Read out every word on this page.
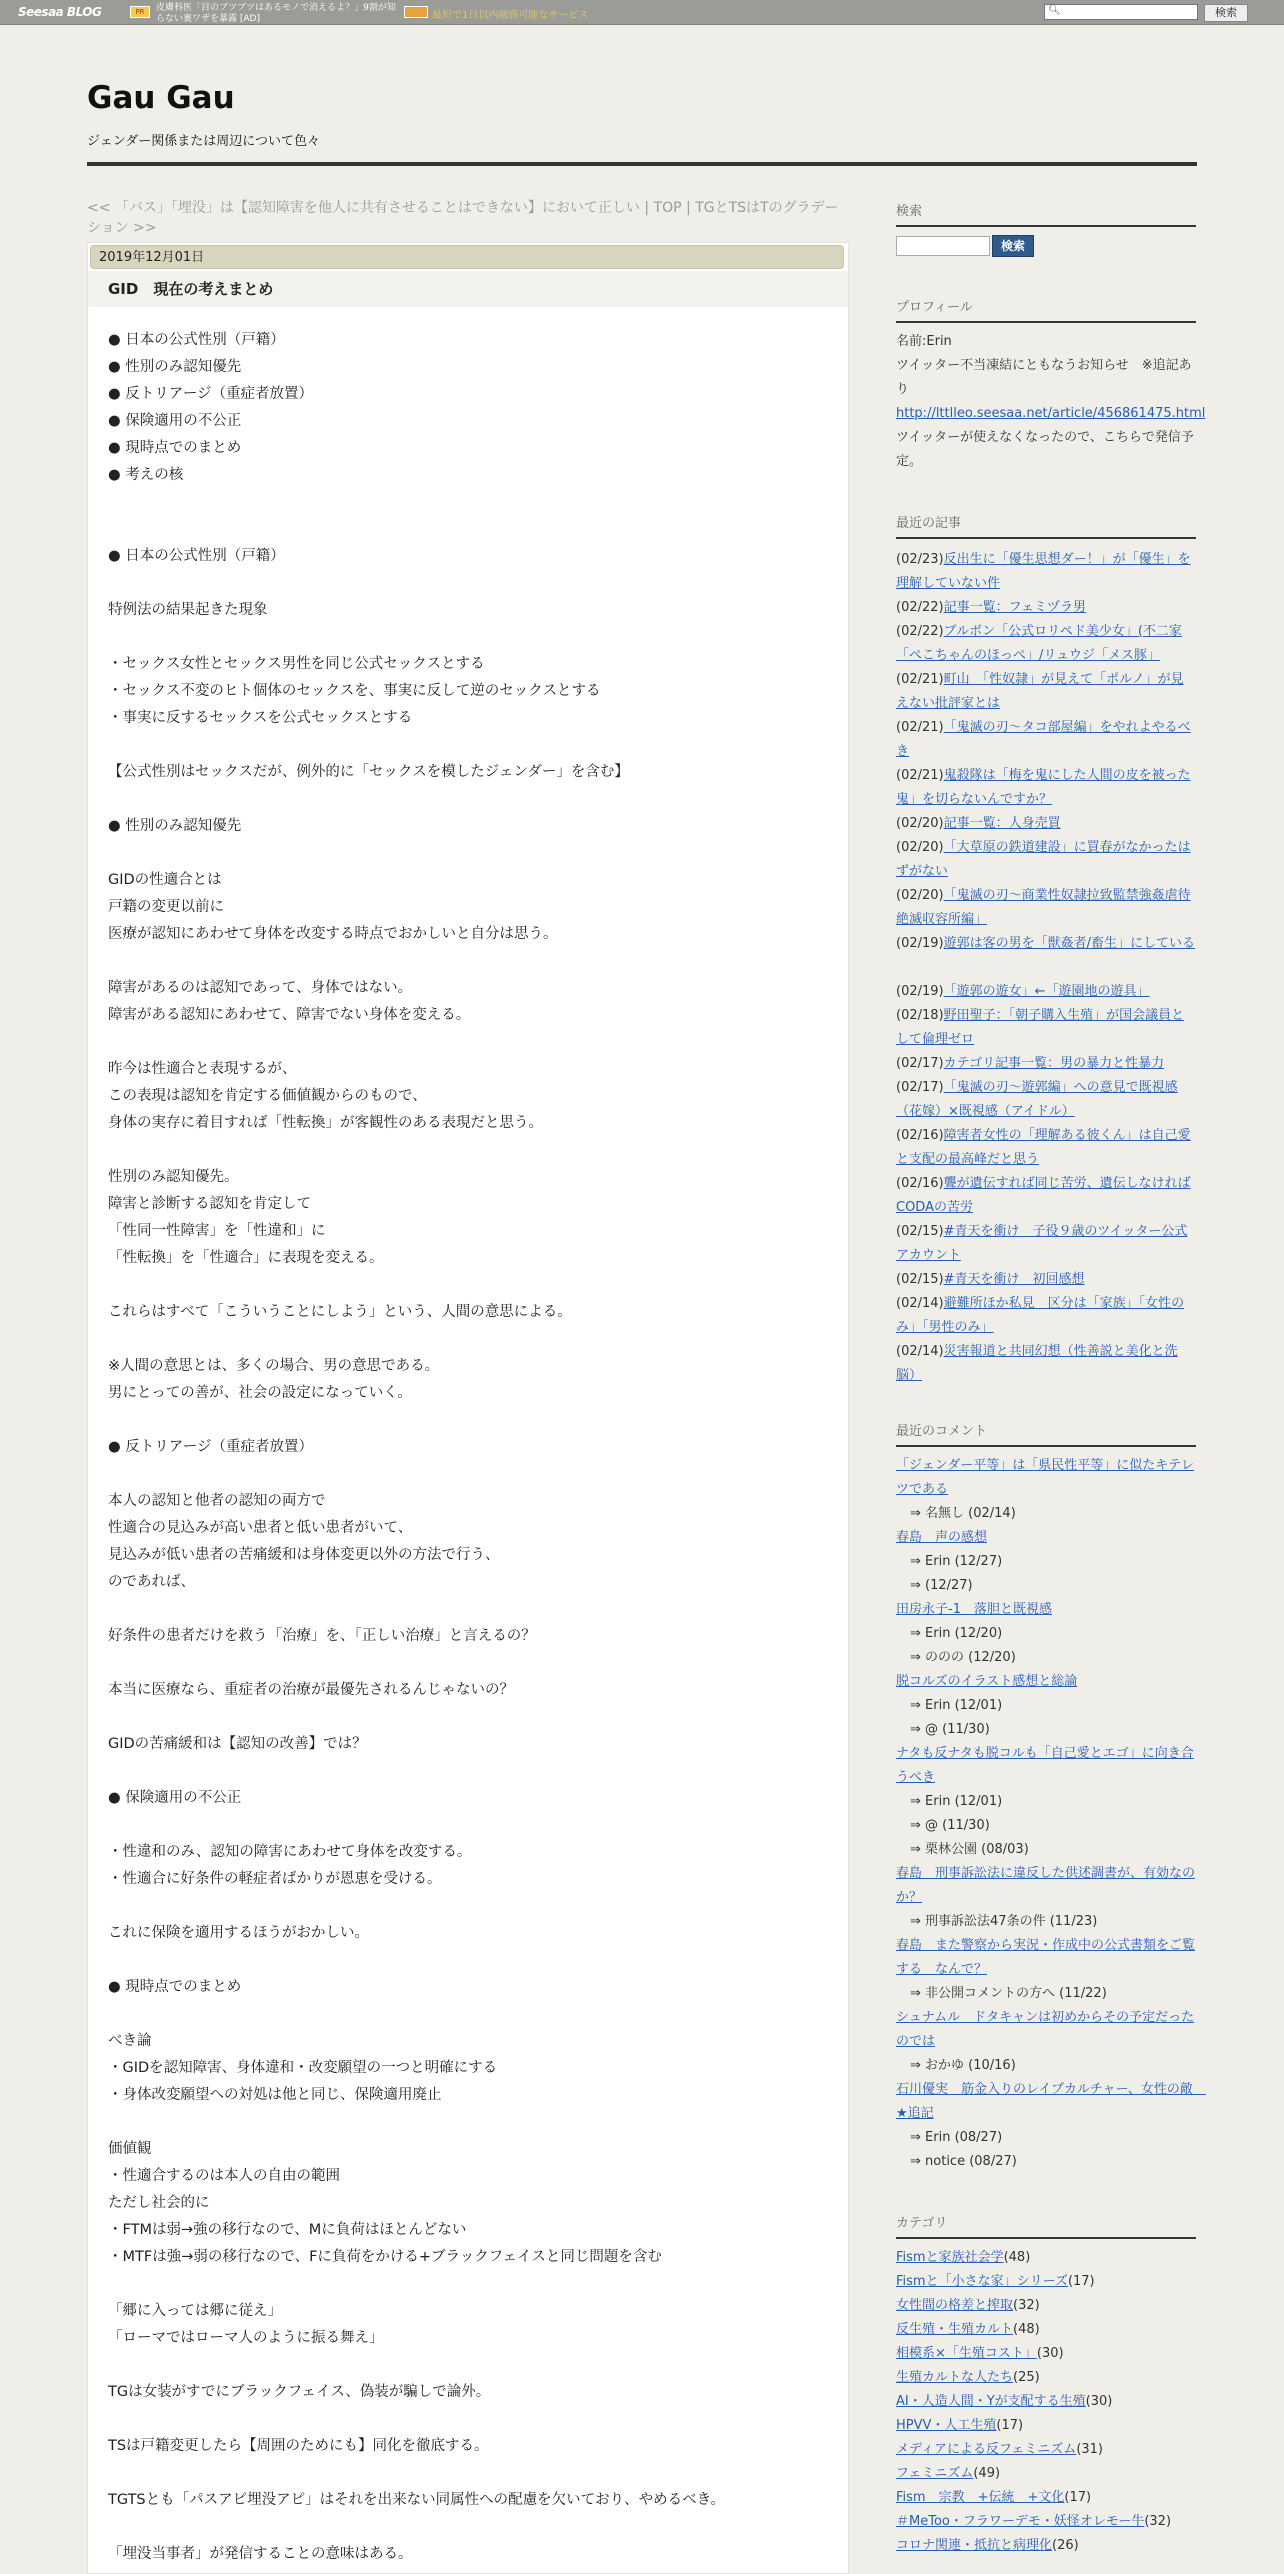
Seesaa BLOG	PR	皮膚科医「目のブツブツはあるモノで消えるよ？」9割が知らない裏ワザを暴露 [AD]	最短で1日以内融資可能なサービス	🔍︎	検索
Gau Gau
ジェンダー関係または周辺について色々
<< 「バス」「埋没」は【認知障害を他人に共有させることはできない】において正しい | TOP | TGとTSはTのグラデーション >>
2019年12月01日
GID　現在の考えまとめ
● 日本の公式性別（戸籍）
● 性別のみ認知優先
● 反トリアージ（重症者放置）
● 保険適用の不公正
● 現時点でのまとめ
● 考えの核
● 日本の公式性別（戸籍）
特例法の結果起きた現象
・セックス女性とセックス男性を同じ公式セックスとする
・セックス不変のヒト個体のセックスを、事実に反して逆のセックスとする
・事実に反するセックスを公式セックスとする
【公式性別はセックスだが、例外的に「セックスを模したジェンダー」を含む】
● 性別のみ認知優先
GIDの性適合とは
戸籍の変更以前に
医療が認知にあわせて身体を改変する時点でおかしいと自分は思う。
障害があるのは認知であって、身体ではない。
障害がある認知にあわせて、障害でない身体を変える。
昨今は性適合と表現するが、
この表現は認知を肯定する価値観からのもので、
身体の実存に着目すれば「性転換」が客観性のある表現だと思う。
性別のみ認知優先。
障害と診断する認知を肯定して
「性同一性障害」を「性違和」に
「性転換」を「性適合」に表現を変える。
これらはすべて「こういうことにしよう」という、人間の意思による。
※人間の意思とは、多くの場合、男の意思である。
男にとっての善が、社会の設定になっていく。
● 反トリアージ（重症者放置）
本人の認知と他者の認知の両方で
性適合の見込みが高い患者と低い患者がいて、
見込みが低い患者の苦痛緩和は身体変更以外の方法で行う、
のであれば、
好条件の患者だけを救う「治療」を、「正しい治療」と言えるの？
本当に医療なら、重症者の治療が最優先されるんじゃないの？
GIDの苦痛緩和は【認知の改善】では？
● 保険適用の不公正
・性違和のみ、認知の障害にあわせて身体を改変する。
・性適合に好条件の軽症者ばかりが恩恵を受ける。
これに保険を適用するほうがおかしい。
● 現時点でのまとめ
べき論
・GIDを認知障害、身体違和・改変願望の一つと明確にする
・身体改変願望への対処は他と同じ、保険適用廃止
価値観
・性適合するのは本人の自由の範囲
ただし社会的に
・FTMは弱→強の移行なので、Mに負荷はほとんどない
・MTFは強→弱の移行なので、Fに負荷をかける+ブラックフェイスと同じ問題を含む
「郷に入っては郷に従え」
「ローマではローマ人のように振る舞え」
TGは女装がすでにブラックフェイス、偽装が騙しで論外。
TSは戸籍変更したら【周囲のためにも】同化を徹底する。
TGTSとも「パスアピ埋没アピ」はそれを出来ない同属性への配慮を欠いており、やめるべき。
「埋没当事者」が発信することの意味はある。
検索
検索
プロフィール
名前:Erin
ツイッター不当凍結にともなうお知らせ　※追記あり
http://lttlleo.seesaa.net/article/456861475.html
ツイッターが使えなくなったので、こちらで発信予定。
最近の記事
(02/23)反出生に「優生思想ダー！」が「優生」を理解していない件
(02/22)記事一覧：フェミヅラ男
(02/22)ブルボン「公式ロリペド美少女」(不二家「ぺこちゃんのほっぺ」/リュウジ「メス豚」
(02/21)町山　「性奴隷」が見えて「ポルノ」が見えない批評家とは
(02/21)「鬼滅の刃～タコ部屋編」をやれよやるべき
(02/21)鬼殺隊は「梅を鬼にした人間の皮を被った鬼」を切らないんですか？
(02/20)記事一覧：人身売買
(02/20)「大草原の鉄道建設」に買春がなかったはずがない
(02/20)「鬼滅の刃～商業性奴隷拉致監禁強姦虐待絶滅収容所編」
(02/19)遊郭は客の男を「獣姦者/畜生」にしている
(02/19)「遊郭の遊女」←「遊園地の遊具」
(02/18)野田聖子：「朝子購入生殖」が国会議員として倫理ゼロ
(02/17)カテゴリ記事一覧：男の暴力と性暴力
(02/17)「鬼滅の刃～遊郭編」への意見で既視感（花嫁）×既視感（アイドル）
(02/16)障害者女性の「理解ある彼くん」は自己愛と支配の最高峰だと思う
(02/16)聾が遺伝すれば同じ苦労、遺伝しなければCODAの苦労
(02/15)#青天を衝け　子役９歳のツイッター公式アカウント
(02/15)#青天を衝け　初回感想
(02/14)避難所ほか私見　区分は「家族」「女性のみ」「男性のみ」
(02/14)災害報道と共同幻想（性善説と美化と洗脳）
最近のコメント
「ジェンダー平等」は「県民性平等」に似たキテレツである
⇒ 名無し (02/14)
春島　声の感想
⇒ Erin (12/27)
⇒ (12/27)
田房永子-1　落胆と既視感
⇒ Erin (12/20)
⇒ ののの (12/20)
脱コルズのイラスト感想と総論
⇒ Erin (12/01)
⇒ @ (11/30)
ナタも反ナタも脱コルも「自己愛とエゴ」に向き合うべき
⇒ Erin (12/01)
⇒ @ (11/30)
⇒ 栗林公園 (08/03)
春島　刑事訴訟法に違反した供述調書が、有効なのか？
⇒ 刑事訴訟法47条の件 (11/23)
春島　また警察から実況・作成中の公式書類をご覧する　なんで？
⇒ 非公開コメントの方へ (11/22)
シュナムル　ドタキャンは初めからその予定だったのでは
⇒ おかゆ (10/16)
石川優実　筋金入りのレイプカルチャー、女性の敵　★追記
⇒ Erin (08/27)
⇒ notice (08/27)
カテゴリ
Fismと家族社会学(48)
Fismと「小さな家」シリーズ(17)
女性間の格差と搾取(32)
反生殖・生殖カルト(48)
相模系×「生殖コスト」(30)
生殖カルトな人たち(25)
AI・人造人間・Yが支配する生殖(30)
HPVV・人工生殖(17)
メディアによる反フェミニズム(31)
フェミニズム(49)
Fism　宗教　+伝統　+文化(17)
＃MeToo・フラワーデモ・妖怪オレモー牛(32)
コロナ関連・抵抗と病理化(26)
